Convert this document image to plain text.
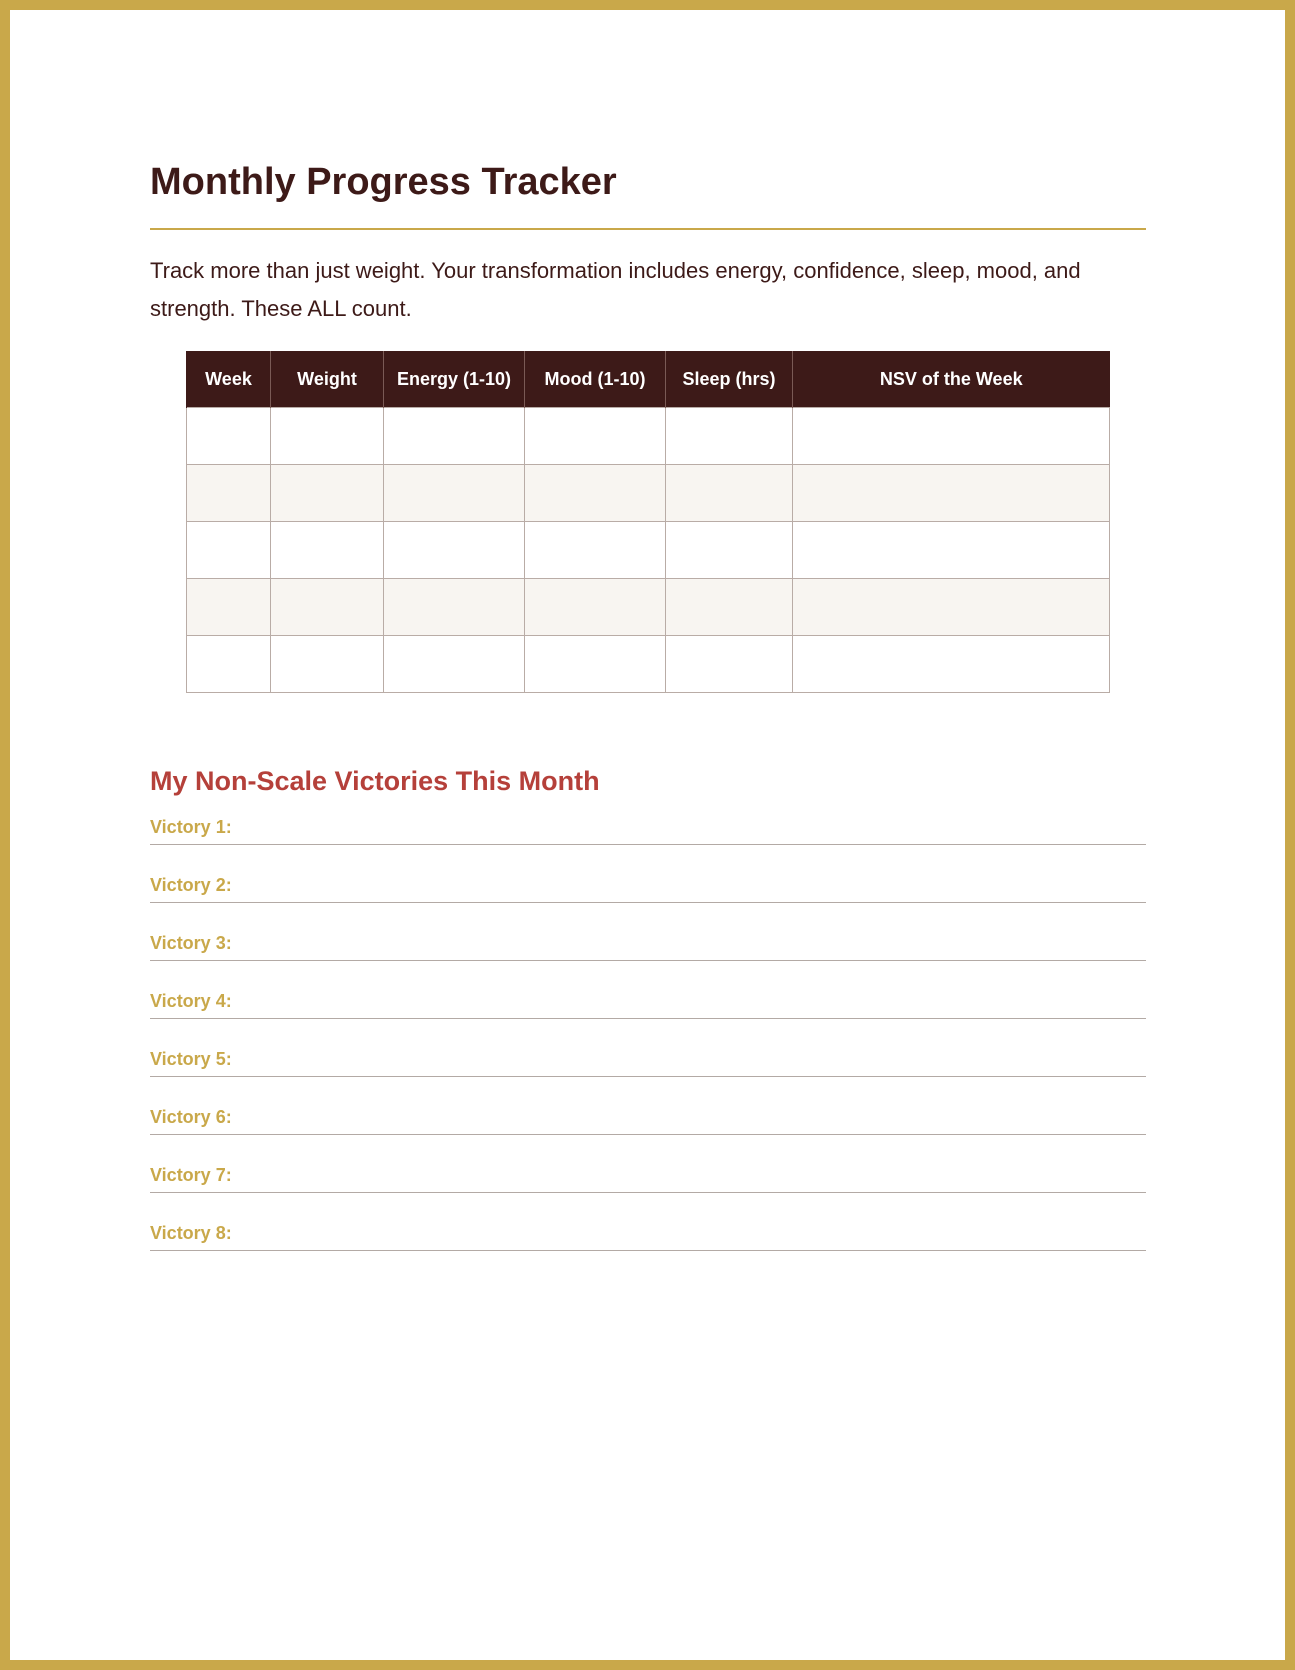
Monthly Progress Tracker

Track more than just weight. Your transformation includes energy, confidence, sleep, mood, and strength. These ALL count.

Week	Weight	Energy (1-10)	Mood (1-10)	Sleep (hrs)	NSV of the Week

My Non-Scale Victories This Month
Victory 1:
Victory 2:
Victory 3:
Victory 4:
Victory 5:
Victory 6:
Victory 7:
Victory 8:
